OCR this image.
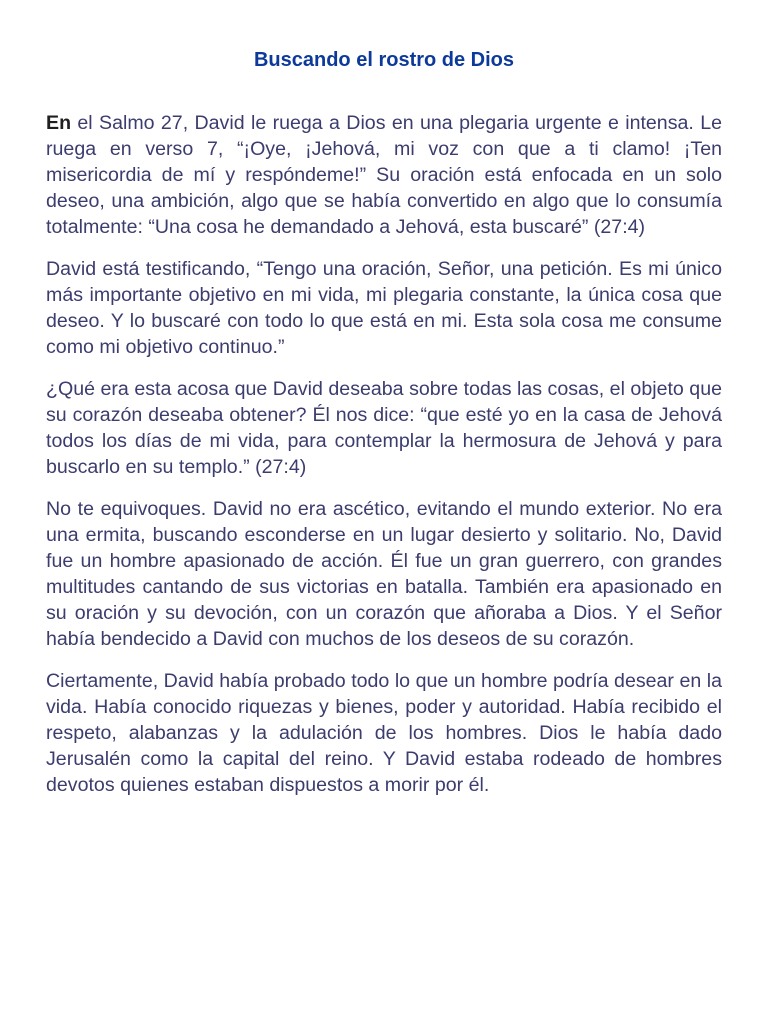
Buscando el rostro de Dios

En el Salmo 27, David le ruega a Dios en una plegaria urgente e intensa. Le ruega en verso 7, “¡Oye, ¡Jehová, mi voz con que a ti clamo! ¡Ten misericordia de mí y respóndeme!” Su oración está enfocada en un solo deseo, una ambición, algo que se había convertido en algo que lo consumía totalmente: “Una cosa he demandado a Jehová, esta buscaré” (27:4)

David está testificando, “Tengo una oración, Señor, una petición. Es mi único más importante objetivo en mi vida, mi plegaria constante, la única cosa que deseo. Y lo buscaré con todo lo que está en mi. Esta sola cosa me consume como mi objetivo continuo.”

¿Qué era esta acosa que David deseaba sobre todas las cosas, el objeto que su corazón deseaba obtener? Él nos dice: “que esté yo en la casa de Jehová todos los días de mi vida, para contemplar la hermosura de Jehová y para buscarlo en su templo.” (27:4)

No te equivoques. David no era ascético, evitando el mundo exterior. No era una ermita, buscando esconderse en un lugar desierto y solitario. No, David fue un hombre apasionado de acción. Él fue un gran guerrero, con grandes multitudes cantando de sus victorias en batalla. También era apasionado en su oración y su devoción, con un corazón que añoraba a Dios. Y el Señor había bendecido a David con muchos de los deseos de su corazón.

Ciertamente, David había probado todo lo que un hombre podría desear en la vida. Había conocido riquezas y bienes, poder y autoridad. Había recibido el respeto, alabanzas y la adulación de los hombres. Dios le había dado Jerusalén como la capital del reino. Y David estaba rodeado de hombres devotos quienes estaban dispuestos a morir por él.
